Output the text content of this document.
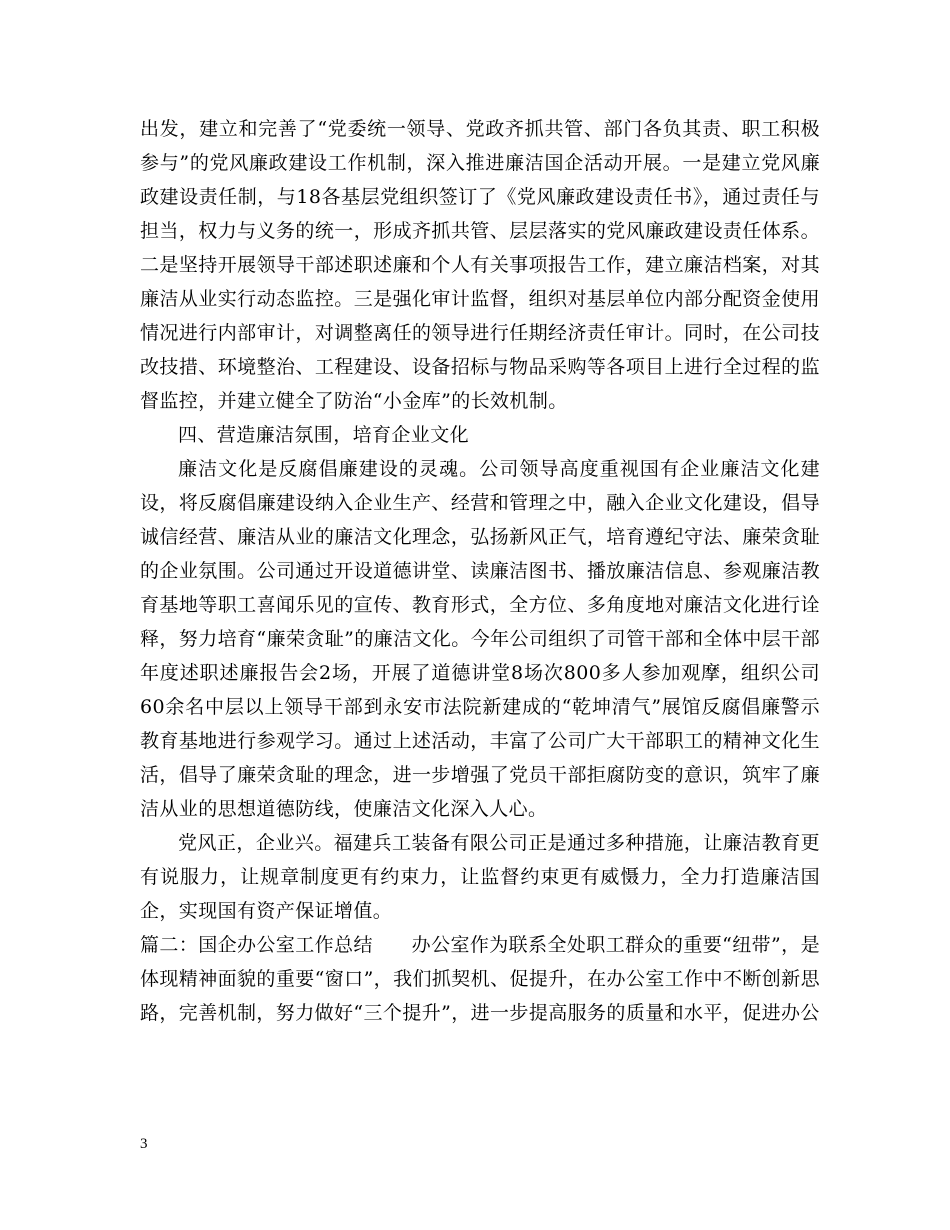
出发，建立和完善了“党委统一领导、党政齐抓共管、部门各负其责、职工积极参与”的党风廉政建设工作机制，深入推进廉洁国企活动开展。一是建立党风廉政建设责任制，与18各基层党组织签订了《党风廉政建设责任书》，通过责任与担当，权力与义务的统一，形成齐抓共管、层层落实的党风廉政建设责任体系。二是坚持开展领导干部述职述廉和个人有关事项报告工作，建立廉洁档案，对其廉洁从业实行动态监控。三是强化审计监督，组织对基层单位内部分配资金使用情况进行内部审计，对调整离任的领导进行任期经济责任审计。同时，在公司技改技措、环境整治、工程建设、设备招标与物品采购等各项目上进行全过程的监督监控，并建立健全了防治“小金库”的长效机制。

四、营造廉洁氛围，培育企业文化

廉洁文化是反腐倡廉建设的灵魂。公司领导高度重视国有企业廉洁文化建设，将反腐倡廉建设纳入企业生产、经营和管理之中，融入企业文化建设，倡导诚信经营、廉洁从业的廉洁文化理念，弘扬新风正气，培育遵纪守法、廉荣贪耻的企业氛围。公司通过开设道德讲堂、读廉洁图书、播放廉洁信息、参观廉洁教育基地等职工喜闻乐见的宣传、教育形式，全方位、多角度地对廉洁文化进行诠释，努力培育“廉荣贪耻”的廉洁文化。今年公司组织了司管干部和全体中层干部年度述职述廉报告会2场，开展了道德讲堂8场次800多人参加观摩，组织公司60余名中层以上领导干部到永安市法院新建成的“乾坤清气”展馆反腐倡廉警示教育基地进行参观学习。通过上述活动，丰富了公司广大干部职工的精神文化生活，倡导了廉荣贪耻的理念，进一步增强了党员干部拒腐防变的意识，筑牢了廉洁从业的思想道德防线，使廉洁文化深入人心。

党风正，企业兴。福建兵工装备有限公司正是通过多种措施，让廉洁教育更有说服力，让规章制度更有约束力，让监督约束更有威慑力，全力打造廉洁国企，实现国有资产保证增值。

篇二：国企办公室工作总结　　办公室作为联系全处职工群众的重要“纽带”，是体现精神面貌的重要“窗口”，我们抓契机、促提升，在办公室工作中不断创新思路，完善机制，努力做好“三个提升”，进一步提高服务的质量和水平，促进办公

3
